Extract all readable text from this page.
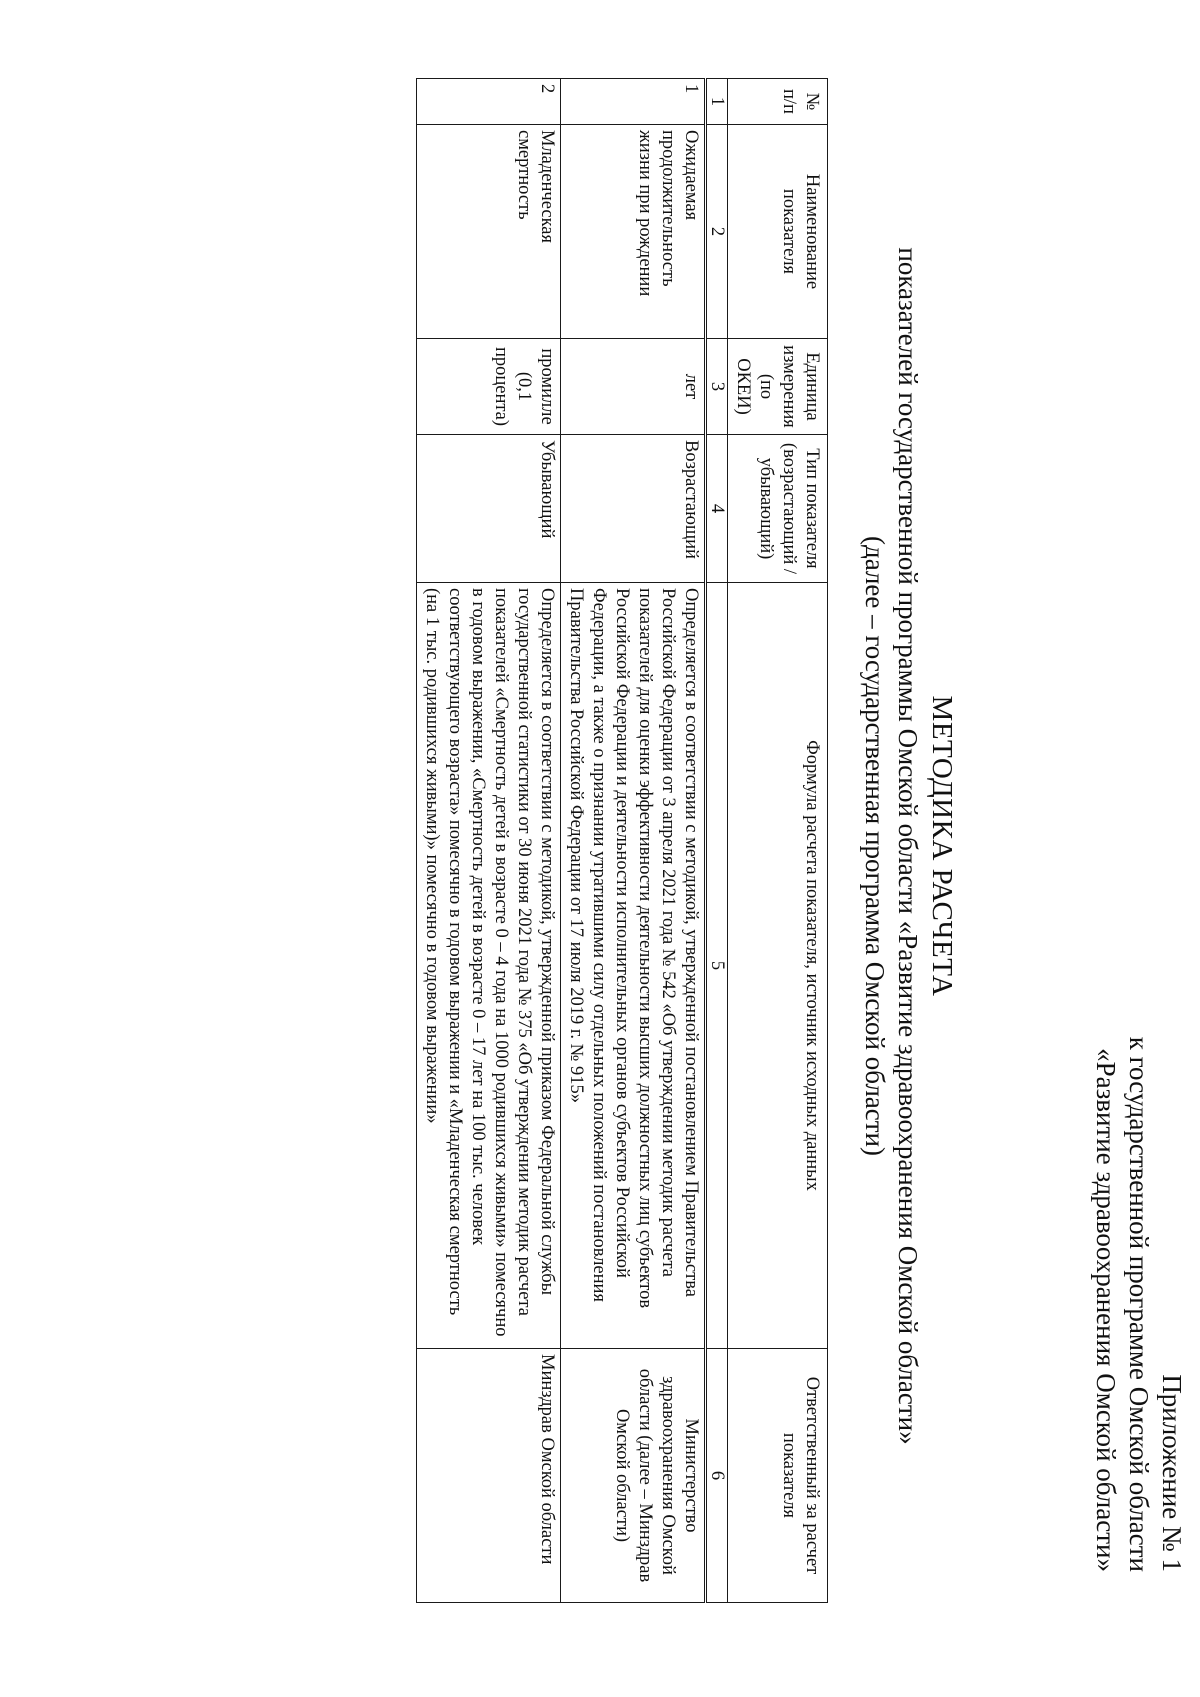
Приложение № 1
к государственной программе Омской области
«Развитие здравоохранения Омской области»
МЕТОДИКА РАСЧЕТА
показателей государственной программы Омской области «Развитие здравоохранения Омской области»
(далее – государственная программа Омской области)
№ п/п	Наименование показателя	Единица измерения (по ОКЕИ)	Тип показателя (возрастающий / убывающий)	Формула расчета показателя, источник исходных данных	Ответственный за расчет показателя
1	2	3	4	5	6
1	Ожидаемая продолжительность жизни при рождении	лет	Возрастающий	Определяется в соответствии с методикой, утвержденной постановлением Правительства Российской Федерации от 3 апреля 2021 года № 542 «Об утверждении методик расчета показателей для оценки эффективности деятельности высших должностных лиц субъектов Российской Федерации и деятельности исполнительных органов субъектов Российской Федерации, а также о признании утратившими силу отдельных положений постановления Правительства Российской Федерации от 17 июля 2019 г. № 915»	Министерство здравоохранения Омской области (далее – Минздрав Омской области)
2	Младенческая смертность	промилле (0,1 процента)	Убывающий	Определяется в соответствии с методикой, утвержденной приказом Федеральной службы государственной статистики от 30 июня 2021 года № 375 «Об утверждении методик расчета показателей «Смертность детей в возрасте 0 – 4 года на 1000 родившихся живыми» помесячно в годовом выражении, «Смертность детей в возрасте 0 – 17 лет на 100 тыс. человек соответствующего возраста» помесячно в годовом выражении и «Младенческая смертность (на 1 тыс. родившихся живыми)» помесячно в годовом выражении»	Минздрав Омской области
